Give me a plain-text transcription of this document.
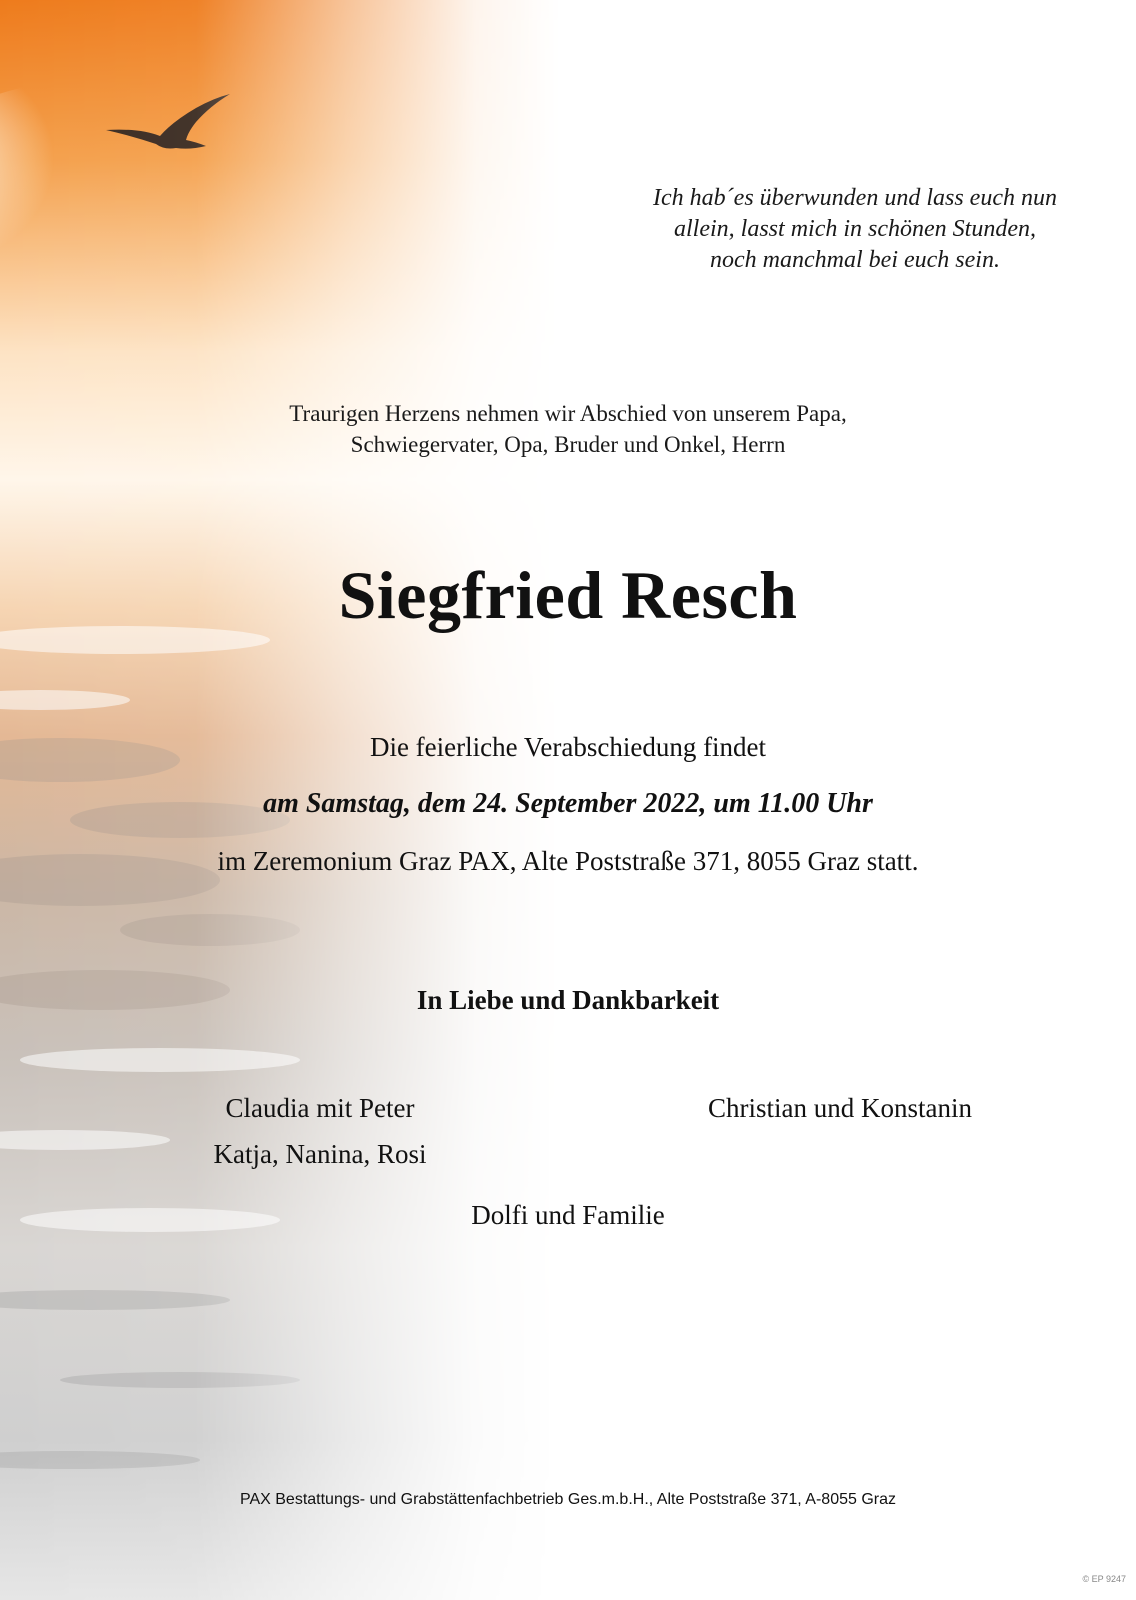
Ich hab´es überwunden und lass euch nun
allein, lasst mich in schönen Stunden,
noch manchmal bei euch sein.
Traurigen Herzens nehmen wir Abschied von unserem Papa,
Schwiegervater, Opa, Bruder und Onkel, Herrn
Siegfried Resch
Die feierliche Verabschiedung findet
am Samstag, dem 24. September 2022, um 11.00 Uhr
im Zeremonium Graz PAX, Alte Poststraße 371, 8055 Graz statt.
In Liebe und Dankbarkeit
Claudia mit Peter
Katja, Nanina, Rosi
Christian und Konstanin
Dolfi und Familie
PAX Bestattungs- und Grabstättenfachbetrieb Ges.m.b.H., Alte Poststraße 371, A-8055 Graz
© EP 9247
